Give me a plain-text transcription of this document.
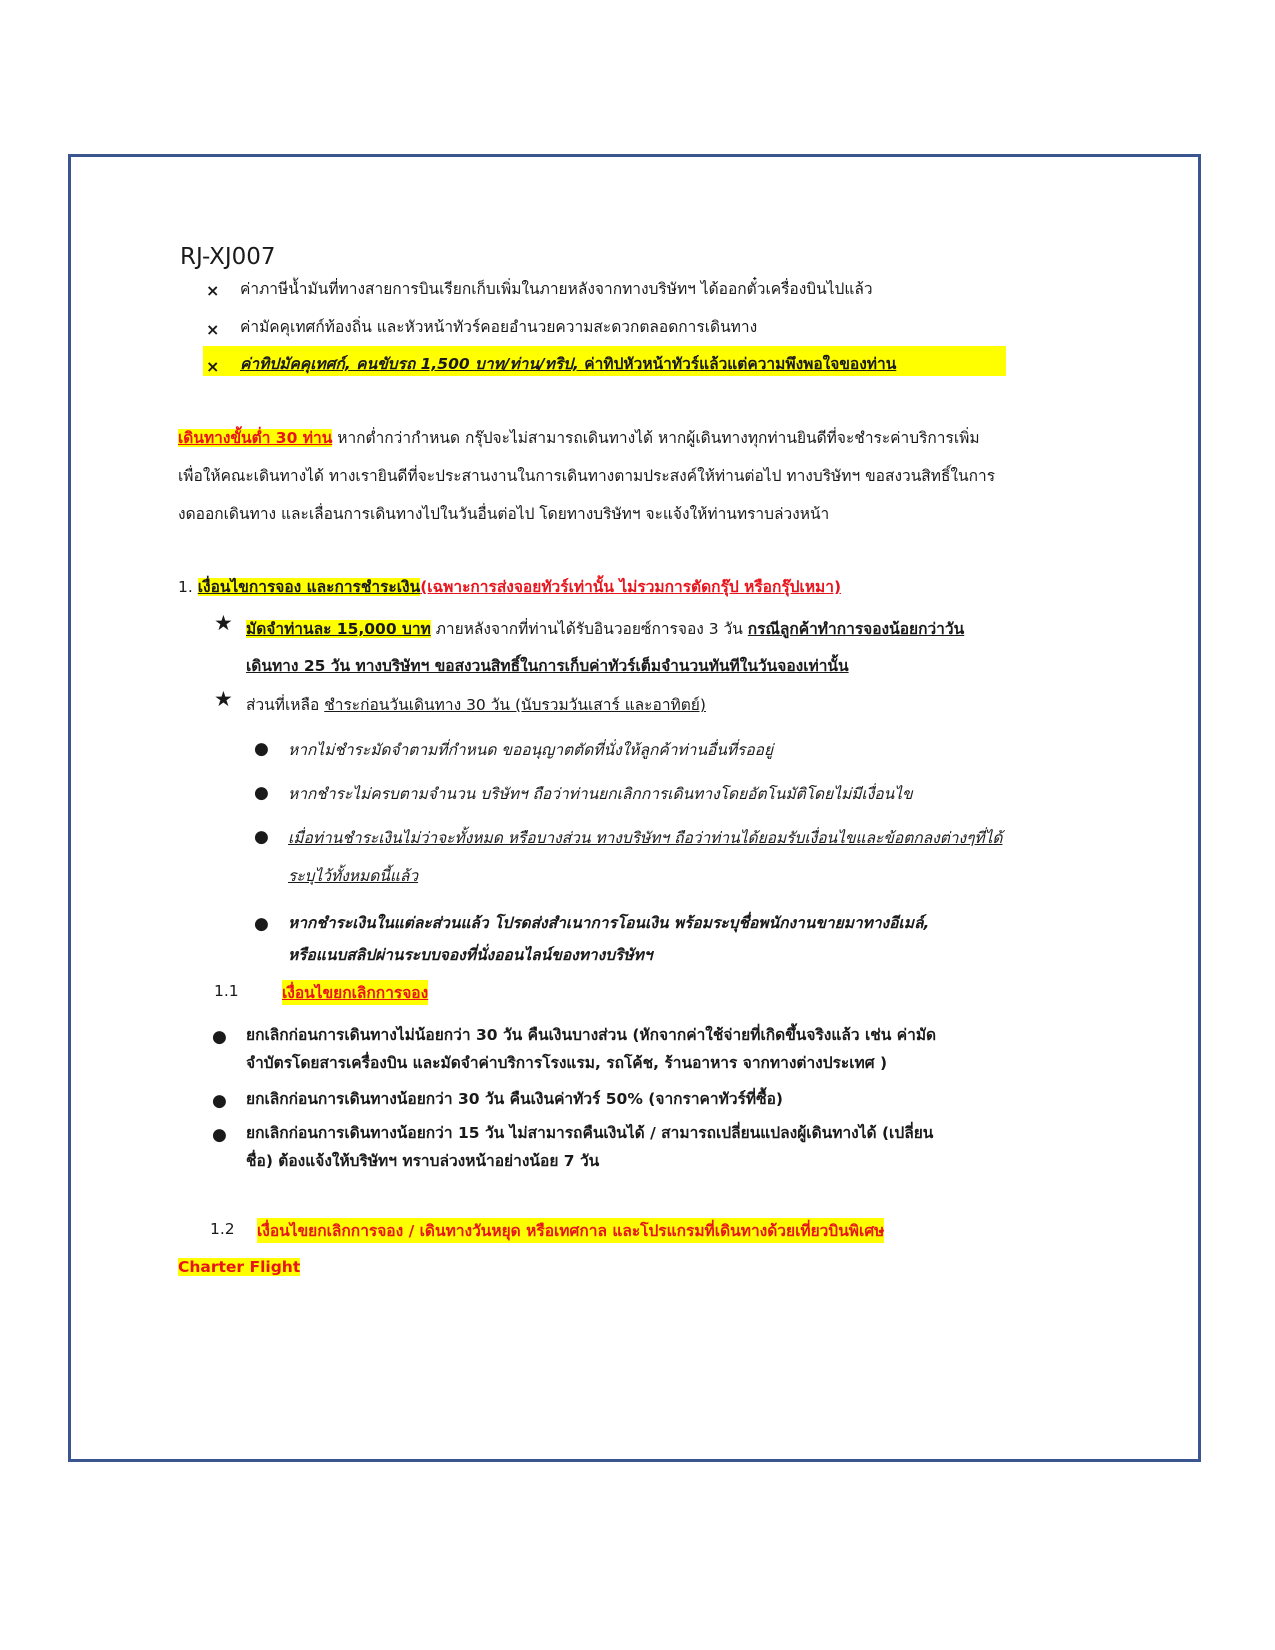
RJ-XJ007
× ค่าภาษีน้ำมันที่ทางสายการบินเรียกเก็บเพิ่มในภายหลังจากทางบริษัทฯ ได้ออกตั๋วเครื่องบินไปแล้ว
× ค่ามัคคุเทศก์ท้องถิ่น และหัวหน้าทัวร์คอยอำนวยความสะดวกตลอดการเดินทาง
× ค่าทิปมัคคุเทศก์, คนขับรถ 1,500 บาท/ท่าน/ทริป, ค่าทิปหัวหน้าทัวร์แล้วแต่ความพึงพอใจของท่าน
เดินทางขั้นต่ำ 30 ท่าน หากต่ำกว่ากำหนด กรุ๊ปจะไม่สามารถเดินทางได้ หากผู้เดินทางทุกท่านยินดีที่จะชำระค่าบริการเพิ่ม
เพื่อให้คณะเดินทางได้ ทางเรายินดีที่จะประสานงานในการเดินทางตามประสงค์ให้ท่านต่อไป ทางบริษัทฯ ขอสงวนสิทธิ์ในการ
งดออกเดินทาง และเลื่อนการเดินทางไปในวันอื่นต่อไป โดยทางบริษัทฯ จะแจ้งให้ท่านทราบล่วงหน้า
1. เงื่อนไขการจอง และการชำระเงิน(เฉพาะการส่งจอยทัวร์เท่านั้น ไม่รวมการตัดกรุ๊ป หรือกรุ๊ปเหมา)
★ มัดจำท่านละ 15,000 บาท ภายหลังจากที่ท่านได้รับอินวอยซ์การจอง 3 วัน กรณีลูกค้าทำการจองน้อยกว่าวัน
เดินทาง 25 วัน ทางบริษัทฯ ขอสงวนสิทธิ์ในการเก็บค่าทัวร์เต็มจำนวนทันทีในวันจองเท่านั้น
★ ส่วนที่เหลือ ชำระก่อนวันเดินทาง 30 วัน (นับรวมวันเสาร์ และอาทิตย์)
● หากไม่ชำระมัดจำตามที่กำหนด ขออนุญาตตัดที่นั่งให้ลูกค้าท่านอื่นที่รออยู่
● หากชำระไม่ครบตามจำนวน บริษัทฯ ถือว่าท่านยกเลิกการเดินทางโดยอัตโนมัติโดยไม่มีเงื่อนไข
● เมื่อท่านชำระเงินไม่ว่าจะทั้งหมด หรือบางส่วน ทางบริษัทฯ ถือว่าท่านได้ยอมรับเงื่อนไขและข้อตกลงต่างๆที่ได้
ระบุไว้ทั้งหมดนี้แล้ว
● หากชำระเงินในแต่ละส่วนแล้ว โปรดส่งสำเนาการโอนเงิน พร้อมระบุชื่อพนักงานขายมาทางอีเมล์,
หรือแนบสลิปผ่านระบบจองที่นั่งออนไลน์ของทางบริษัทฯ
1.1	เงื่อนไขยกเลิกการจอง
● ยกเลิกก่อนการเดินทางไม่น้อยกว่า 30 วัน คืนเงินบางส่วน (หักจากค่าใช้จ่ายที่เกิดขึ้นจริงแล้ว เช่น ค่ามัด
จำบัตรโดยสารเครื่องบิน และมัดจำค่าบริการโรงแรม, รถโค้ช, ร้านอาหาร จากทางต่างประเทศ )
● ยกเลิกก่อนการเดินทางน้อยกว่า 30 วัน คืนเงินค่าทัวร์ 50% (จากราคาทัวร์ที่ซื้อ)
● ยกเลิกก่อนการเดินทางน้อยกว่า 15 วัน ไม่สามารถคืนเงินได้ / สามารถเปลี่ยนแปลงผู้เดินทางได้ (เปลี่ยน
ชื่อ) ต้องแจ้งให้บริษัทฯ ทราบล่วงหน้าอย่างน้อย 7 วัน
1.2 เงื่อนไขยกเลิกการจอง / เดินทางวันหยุด หรือเทศกาล และโปรแกรมที่เดินทางด้วยเที่ยวบินพิเศษ
Charter Flight
